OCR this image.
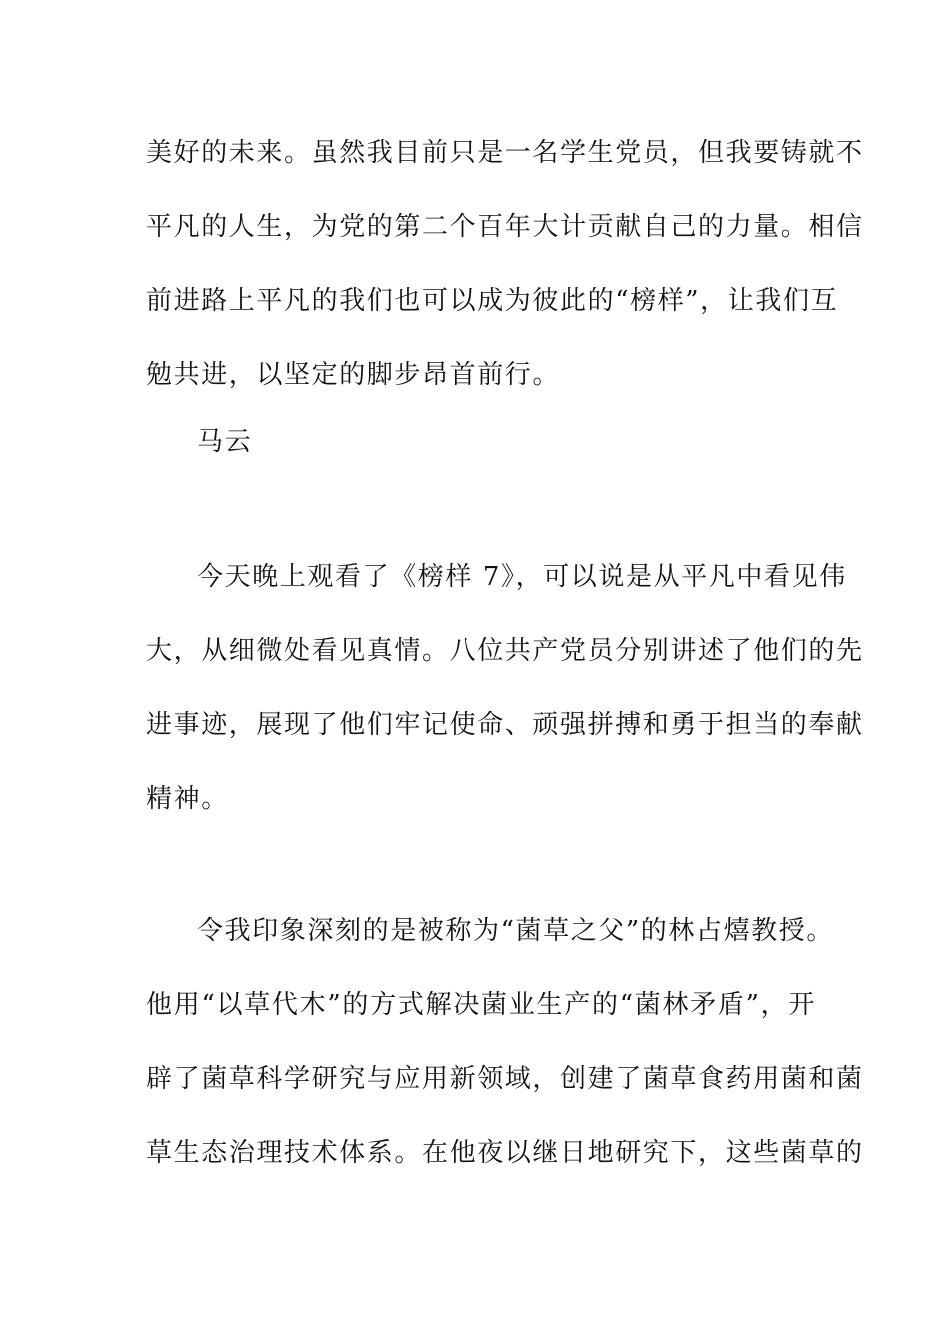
美好的未来。虽然我目前只是一名学生党员，但我要铸就不
平凡的人生，为党的第二个百年大计贡献自己的力量。相信
前进路上平凡的我们也可以成为彼此的“榜样”，让我们互
勉共进，以坚定的脚步昂首前行。
马云
今天晚上观看了《榜样 7》，可以说是从平凡中看见伟
大，从细微处看见真情。八位共产党员分别讲述了他们的先
进事迹，展现了他们牢记使命、顽强拼搏和勇于担当的奉献
精神。
令我印象深刻的是被称为“菌草之父”的林占熺教授。
他用“以草代木”的方式解决菌业生产的“菌林矛盾”，开
辟了菌草科学研究与应用新领域，创建了菌草食药用菌和菌
草生态治理技术体系。在他夜以继日地研究下，这些菌草的
